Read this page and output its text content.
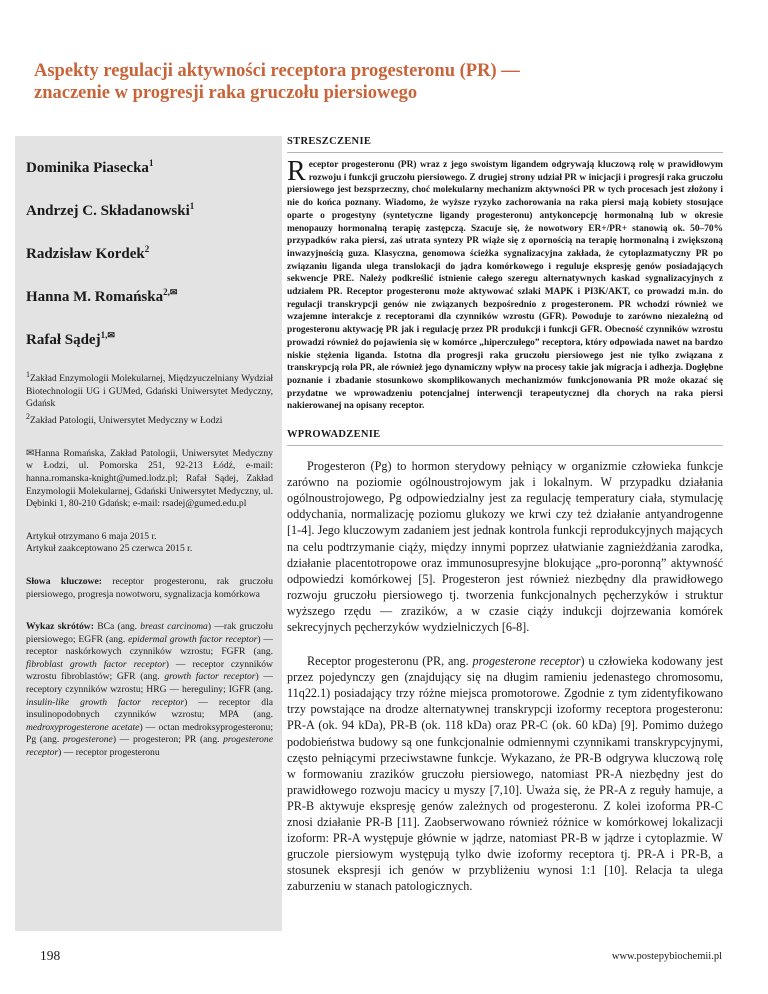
Aspekty regulacji aktywności receptora progesteronu (PR) —
znaczenie w progresji raka gruczołu piersiowego

Dominika Piasecka$^1$

Andrzej C. Składanowski$^1$

Radzisław Kordek$^2$

Hanna M. Romańska$^{2,✉}$

Rafał Sądej$^{1,✉}$

$^1$Zakład Enzymologii Molekularnej, Międzyuczelniany Wydział Biotechnologii UG i GUMed, Gdański Uniwersytet Medyczny, Gdańsk

$^2$Zakład Patologii, Uniwersytet Medyczny w Łodzi

✉Hanna Romańska, Zakład Patologii, Uniwersytet Medyczny w Łodzi, ul. Pomorska 251, 92-213 Łódź, e-mail: hanna.romanska-knight@umed.lodz.pl; Rafał Sądej, Zakład Enzymologii Molekularnej, Gdański Uniwersytet Medyczny, ul. Dębinki 1, 80-210 Gdańsk; e-mail: rsadej@gumed.edu.pl

Artykuł otrzymano 6 maja 2015 r.

Artykuł zaakceptowano 25 czerwca 2015 r.

Słowa kluczowe: receptor progesteronu, rak gruczołu piersiowego, progresja nowotworu, sygnalizacja komórkowa

Wykaz skrótów: BCa (ang. breast carcinoma) —rak gruczołu piersiowego; EGFR (ang. epidermal growth factor receptor) — receptor naskórkowych czynników wzrostu; FGFR (ang. fibroblast growth factor receptor) — receptor czynników wzrostu fibroblastów; GFR (ang. growth factor receptor) — receptory czynników wzrostu; HRG — hereguliny; IGFR (ang. insulin-like growth factor receptor) — receptor dla insulinopodobnych czynników wzrostu; MPA (ang. medroxyprogesterone acetate) — octan medroksyprogesteronu; Pg (ang. progesterone) — progesteron; PR (ang. progesterone receptor) — receptor progesteronu

STRESZCZENIE

Receptor progesteronu (PR) wraz z jego swoistym ligandem odgrywają kluczową rolę w prawidłowym rozwoju i funkcji gruczołu piersiowego. Z drugiej strony udział PR w inicjacji i progresji raka gruczołu piersiowego jest bezsprzeczny, choć molekularny mechanizm aktywności PR w tych procesach jest złożony i nie do końca poznany. Wiadomo, że wyższe ryzyko zachorowania na raka piersi mają kobiety stosujące oparte o progestyny (syntetyczne ligandy progesteronu) antykoncepcję hormonalną lub w okresie menopauzy hormonalną terapię zastępczą. Szacuje się, że nowotwory ER+/PR+ stanowią ok. 50–70% przypadków raka piersi, zaś utrata syntezy PR wiąże się z opornością na terapię hormonalną i zwiększoną inwazyjnością guza. Klasyczna, genomowa ścieżka sygnalizacyjna zakłada, że cytoplazmatyczny PR po związaniu liganda ulega translokacji do jądra komórkowego i reguluje ekspresję genów posiadających sekwencje PRE. Należy podkreślić istnienie całego szeregu alternatywnych kaskad sygnalizacyjnych z udziałem PR. Receptor progesteronu może aktywować szlaki MAPK i PI3K/AKT, co prowadzi m.in. do regulacji transkrypcji genów nie związanych bezpośrednio z progesteronem. PR wchodzi również we wzajemne interakcje z receptorami dla czynników wzrostu (GFR). Powoduje to zarówno niezależną od progesteronu aktywację PR jak i regulację przez PR produkcji i funkcji GFR. Obecność czynników wzrostu prowadzi również do pojawienia się w komórce „hiperczułego” receptora, który odpowiada nawet na bardzo niskie stężenia liganda. Istotna dla progresji raka gruczołu piersiowego jest nie tylko związana z transkrypcją rola PR, ale również jego dynamiczny wpływ na procesy takie jak migracja i adhezja. Dogłębne poznanie i zbadanie stosunkowo skomplikowanych mechanizmów funkcjonowania PR może okazać się przydatne we wprowadzeniu potencjalnej interwencji terapeutycznej dla chorych na raka piersi nakierowanej na opisany receptor.

WPROWADZENIE

Progesteron (Pg) to hormon sterydowy pełniący w organizmie człowieka funkcje zarówno na poziomie ogólnoustrojowym jak i lokalnym. W przypadku działania ogólnoustrojowego, Pg odpowiedzialny jest za regulację temperatury ciała, stymulację oddychania, normalizację poziomu glukozy we krwi czy też działanie antyandrogenne [1-4]. Jego kluczowym zadaniem jest jednak kontrola funkcji reprodukcyjnych mających na celu podtrzymanie ciąży, między innymi poprzez ułatwianie zagnieżdżania zarodka, działanie placentotropowe oraz immunosupresyjne blokujące „pro-poronną” aktywność odpowiedzi komórkowej [5]. Progesteron jest również niezbędny dla prawidłowego rozwoju gruczołu piersiowego tj. tworzenia funkcjonalnych pęcherzyków i struktur wyższego rzędu — zrazików, a w czasie ciąży indukcji dojrzewania komórek sekrecyjnych pęcherzyków wydzielniczych [6-8].

Receptor progesteronu (PR, ang. progesterone receptor) u człowieka kodowany jest przez pojedynczy gen (znajdujący się na długim ramieniu jedenastego chromosomu, 11q22.1) posiadający trzy różne miejsca promotorowe. Zgodnie z tym zidentyfikowano trzy powstające na drodze alternatywnej transkrypcji izoformy receptora progesteronu: PR-A (ok. 94 kDa), PR-B (ok. 118 kDa) oraz PR-C (ok. 60 kDa) [9]. Pomimo dużego podobieństwa budowy są one funkcjonalnie odmiennymi czynnikami transkrypcyjnymi, często pełniącymi przeciwstawne funkcje. Wykazano, że PR-B odgrywa kluczową rolę w formowaniu zrazików gruczołu piersiowego, natomiast PR-A niezbędny jest do prawidłowego rozwoju macicy u myszy [7,10]. Uważa się, że PR-A z reguły hamuje, a PR-B aktywuje ekspresję genów zależnych od progesteronu. Z kolei izoforma PR-C znosi działanie PR-B [11]. Zaobserwowano również różnice w komórkowej lokalizacji izoform: PR-A występuje głównie w jądrze, natomiast PR-B w jądrze i cytoplazmie. W gruczole piersiowym występują tylko dwie izoformy receptora tj. PR-A i PR-B, a stosunek ekspresji ich genów w przybliżeniu wynosi 1:1 [10]. Relacja ta ulega zaburzeniu w stanach patologicznych.

198	www.postepybiochemii.pl
